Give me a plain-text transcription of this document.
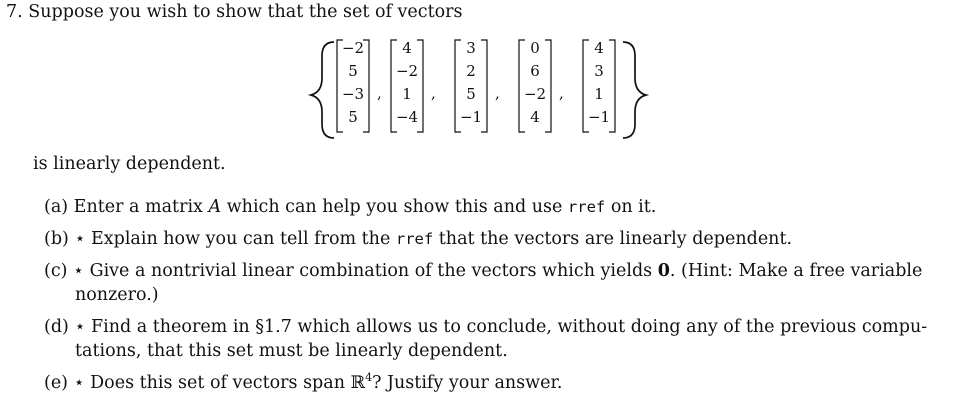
7. Suppose you wish to show that the set of vectors
−2
5
−3
5
,
4
−2
1
−4
,
3
2
5
−1
,
0
6
−2
4
,
4
3
1
−1
is linearly dependent.
(a) Enter a matrix A which can help you show this and use rref on it.
(b) ⋆ Explain how you can tell from the rref that the vectors are linearly dependent.
(c) ⋆ Give a nontrivial linear combination of the vectors which yields 0. (Hint: Make a free variable
nonzero.)
(d) ⋆ Find a theorem in §1.7 which allows us to conclude, without doing any of the previous compu-
tations, that this set must be linearly dependent.
(e) ⋆ Does this set of vectors span ℝ$^4$? Justify your answer.
